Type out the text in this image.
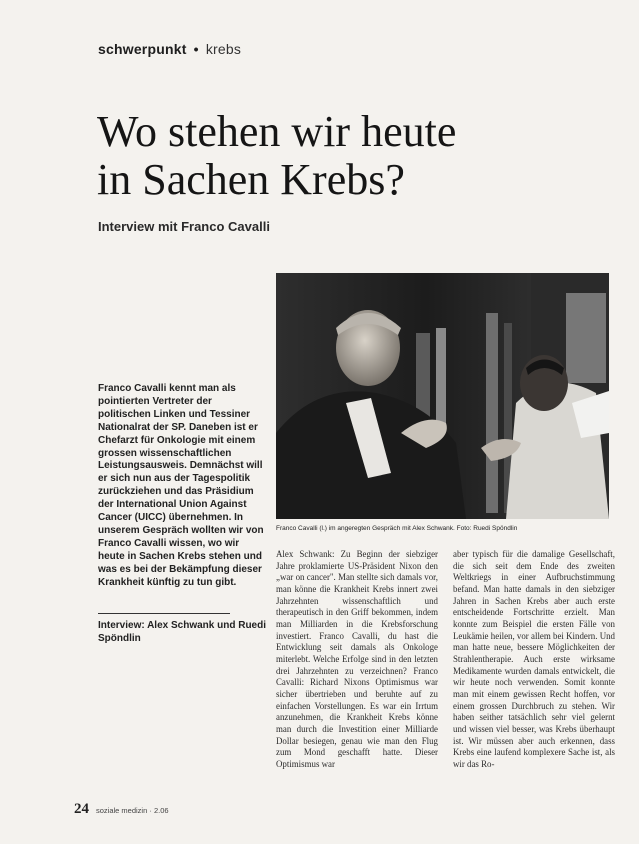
schwerpunkt • krebs
Wo stehen wir heute
in Sachen Krebs?

Interview mit Franco Cavalli

Franco Cavalli (l.) im angeregten Gespräch mit Alex Schwank. Foto: Ruedi Spöndlin

Franco Cavalli kennt man als pointierten Vertreter der politischen Linken und Tessiner Nationalrat der SP. Daneben ist er Chefarzt für Onkologie mit einem grossen wissenschaftlichen Leistungsausweis. Demnächst will er sich nun aus der Tagespolitik zurückziehen und das Präsidium der International Union Against Cancer (UICC) übernehmen. In unserem Gespräch wollten wir von Franco Cavalli wissen, wo wir heute in Sachen Krebs stehen und was es bei der Bekämpfung dieser Krankheit künftig zu tun gibt.

Interview: Alex Schwank und Ruedi Spöndlin

Alex Schwank: Zu Beginn der siebziger Jahre proklamierte US-Präsident Nixon den „war on cancer". Man stellte sich damals vor, man könne die Krankheit Krebs innert zwei Jahrzehnten wissenschaftlich und therapeutisch in den Griff bekommen, indem man Milliarden in die Krebsforschung investiert. Franco Cavalli, du hast die Entwicklung seit damals als Onkologe miterlebt. Welche Erfolge sind in den letzten drei Jahrzehnten zu verzeichnen? Franco Cavalli: Richard Nixons Optimismus war sicher übertrieben und beruhte auf zu einfachen Vorstellungen. Es war ein Irrtum anzunehmen, die Krankheit Krebs könne man durch die Investition einer Milliarde Dollar besiegen, genau wie man den Flug zum Mond geschafft hatte. Dieser Optimismus war

aber typisch für die damalige Gesellschaft, die sich seit dem Ende des zweiten Weltkriegs in einer Aufbruchstimmung befand. Man hatte damals in den siebziger Jahren in Sachen Krebs aber auch erste entscheidende Fortschritte erzielt. Man konnte zum Beispiel die ersten Fälle von Leukämie heilen, vor allem bei Kindern. Und man hatte neue, bessere Möglichkeiten der Strahlentherapie. Auch erste wirksame Medikamente wurden damals entwickelt, die wir heute noch verwenden. Somit konnte man mit einem gewissen Recht hoffen, vor einem grossen Durchbruch zu stehen. Wir haben seither tatsächlich sehr viel gelernt und wissen viel besser, was Krebs überhaupt ist. Wir müssen aber auch erkennen, dass Krebs eine laufend komplexere Sache ist, als wir das Ro-

24 soziale medizin · 2.06
